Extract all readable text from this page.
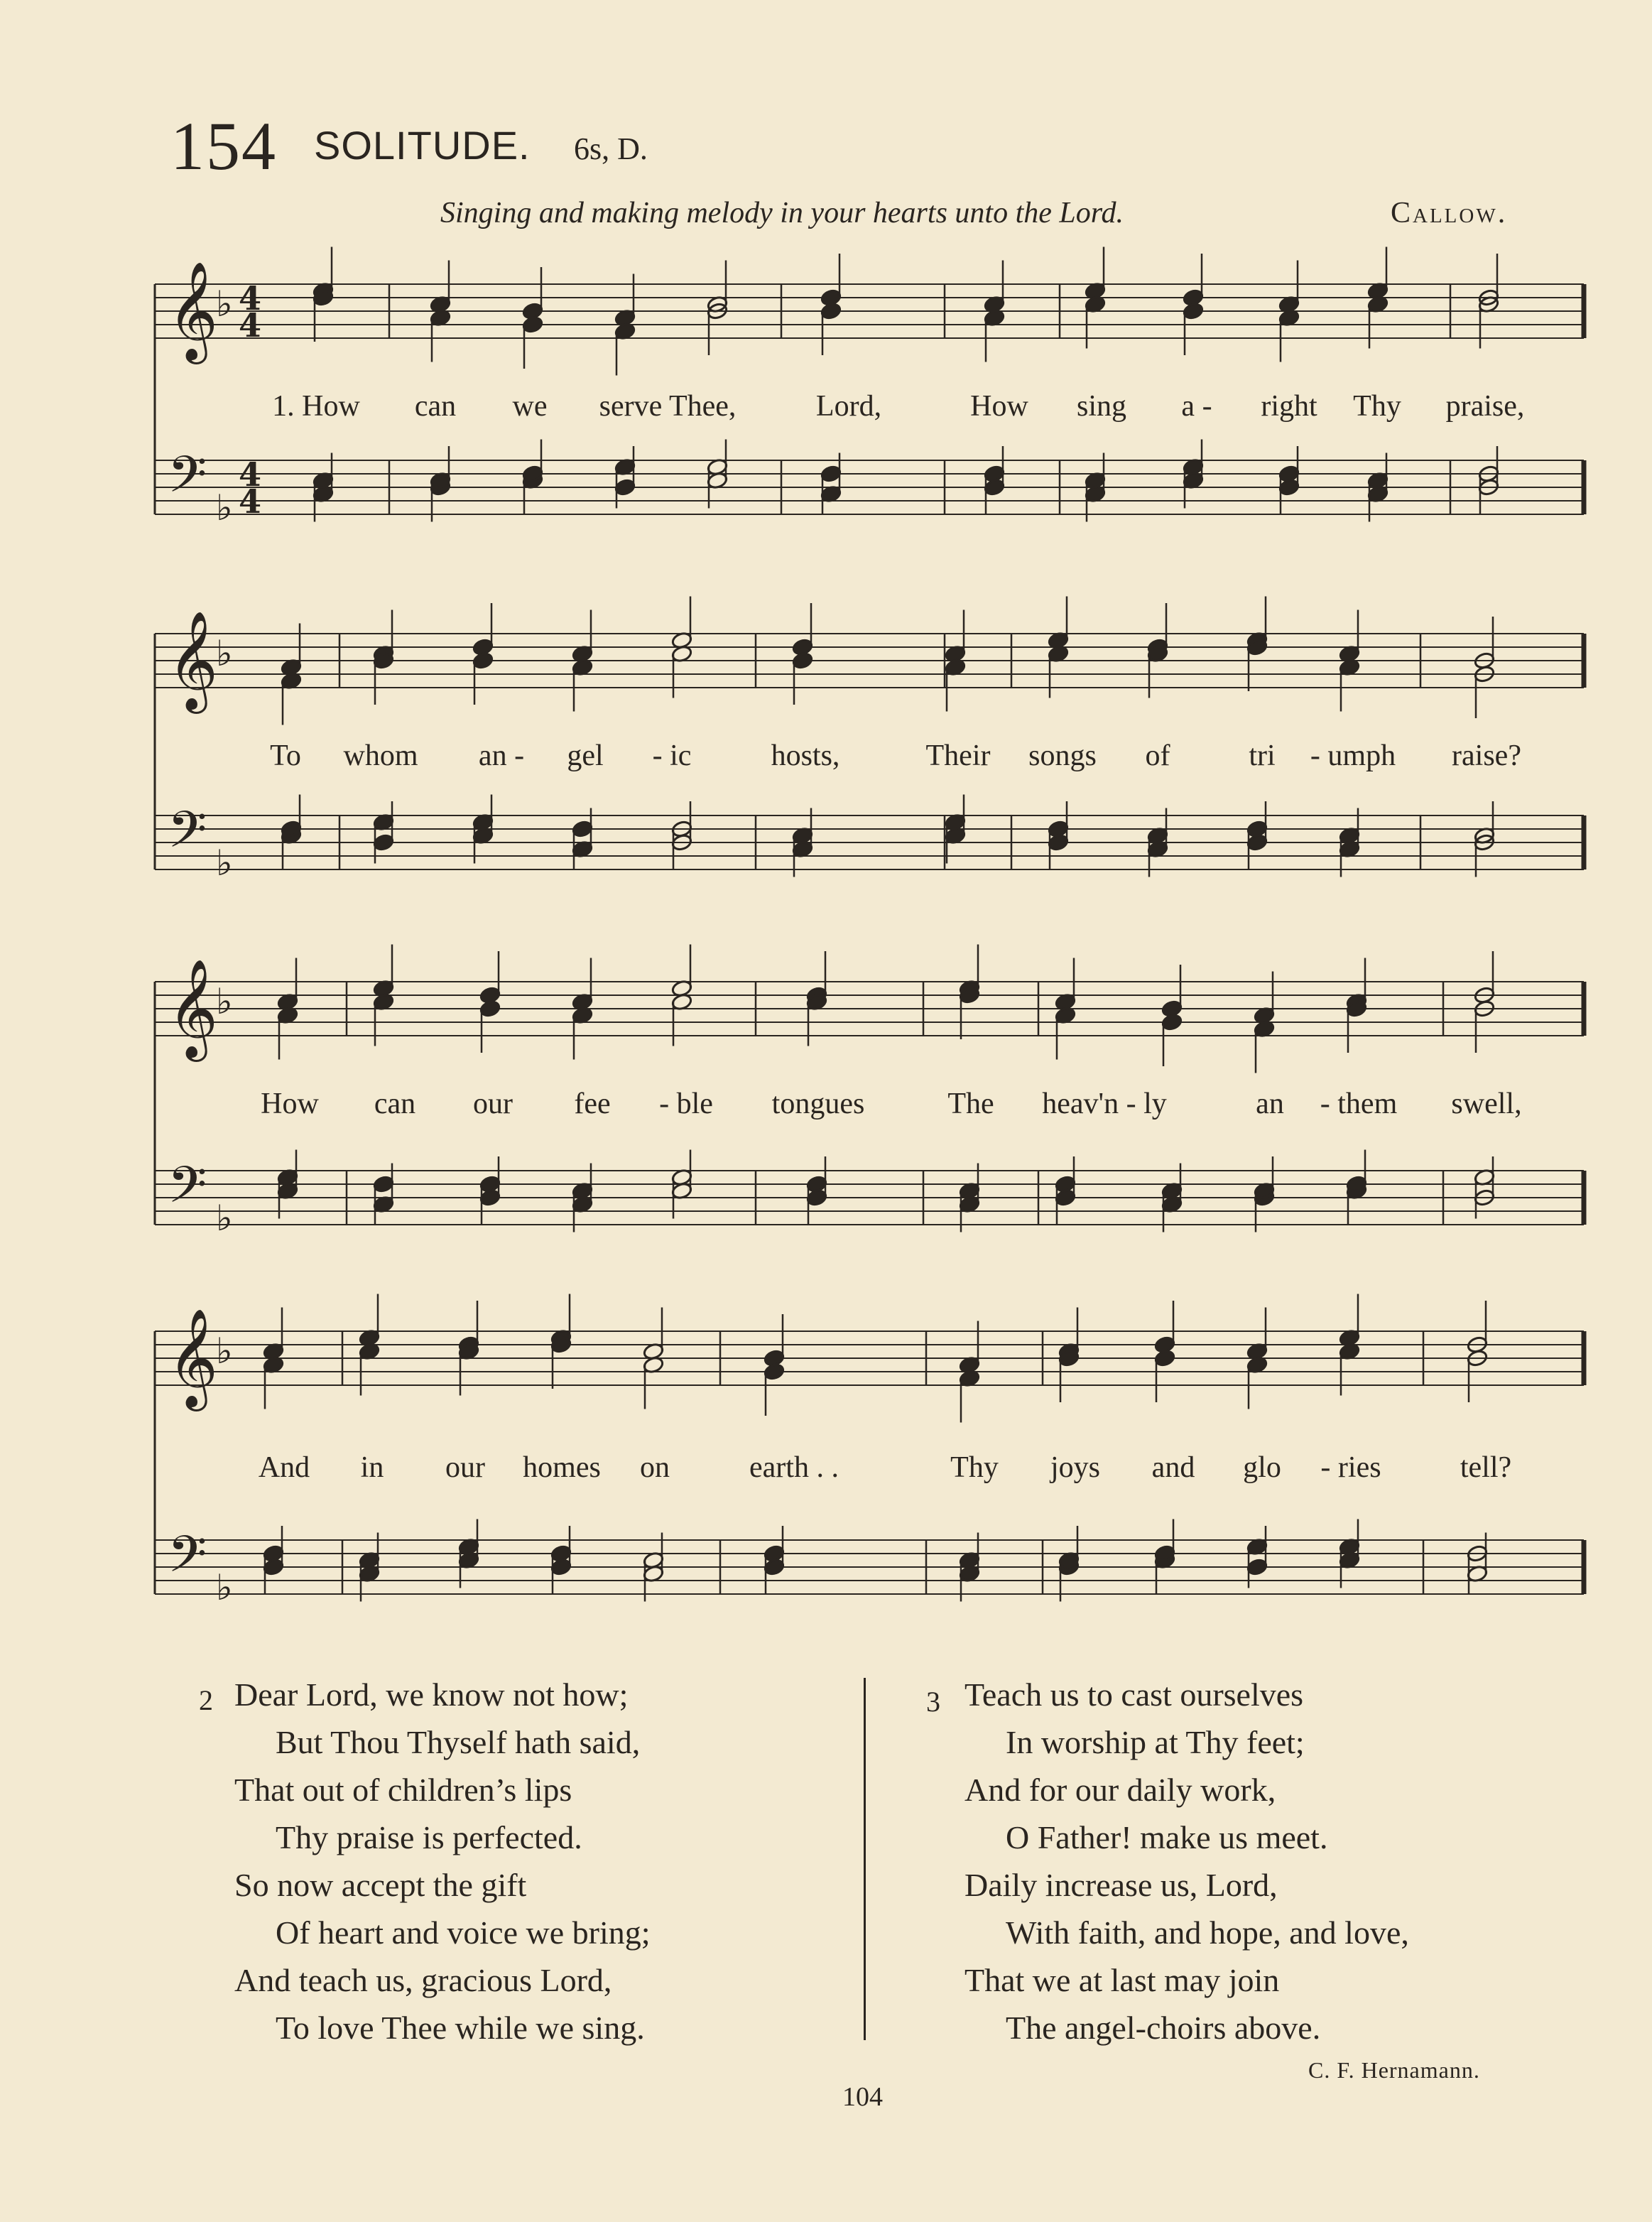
154 SOLITUDE. 6s, D.
Singing and making melody in your hearts unto the Lord.	Callow.
𝄞
♭
𝄢 ♭
4
4
4
4
𝄞
♭
𝄢 ♭
𝄞
♭
𝄢 ♭
𝄞
♭
𝄢 ♭
1. How can we serve Thee,	Lord,	How sing a - right Thy praise,
To whom an - gel - ic	hosts,	Their songs of	tri - umph raise?
How can our fee - ble tongues	The heav'n - ly	an - them swell,
And in our homes on	earth . .	Thy joys and glo - ries	tell?
2 Dear Lord, we know not how;
But Thou Thyself hath said,
That out of children’s lips
Thy praise is perfected.
So now accept the gift
Of heart and voice we bring;
And teach us, gracious Lord,
To love Thee while we sing.
3 Teach us to cast ourselves
In worship at Thy feet;
And for our daily work,
O Father! make us meet.
Daily increase us, Lord,
With faith, and hope, and love,
That we at last may join
The angel-choirs above.
C. F. Hernamann.
104
